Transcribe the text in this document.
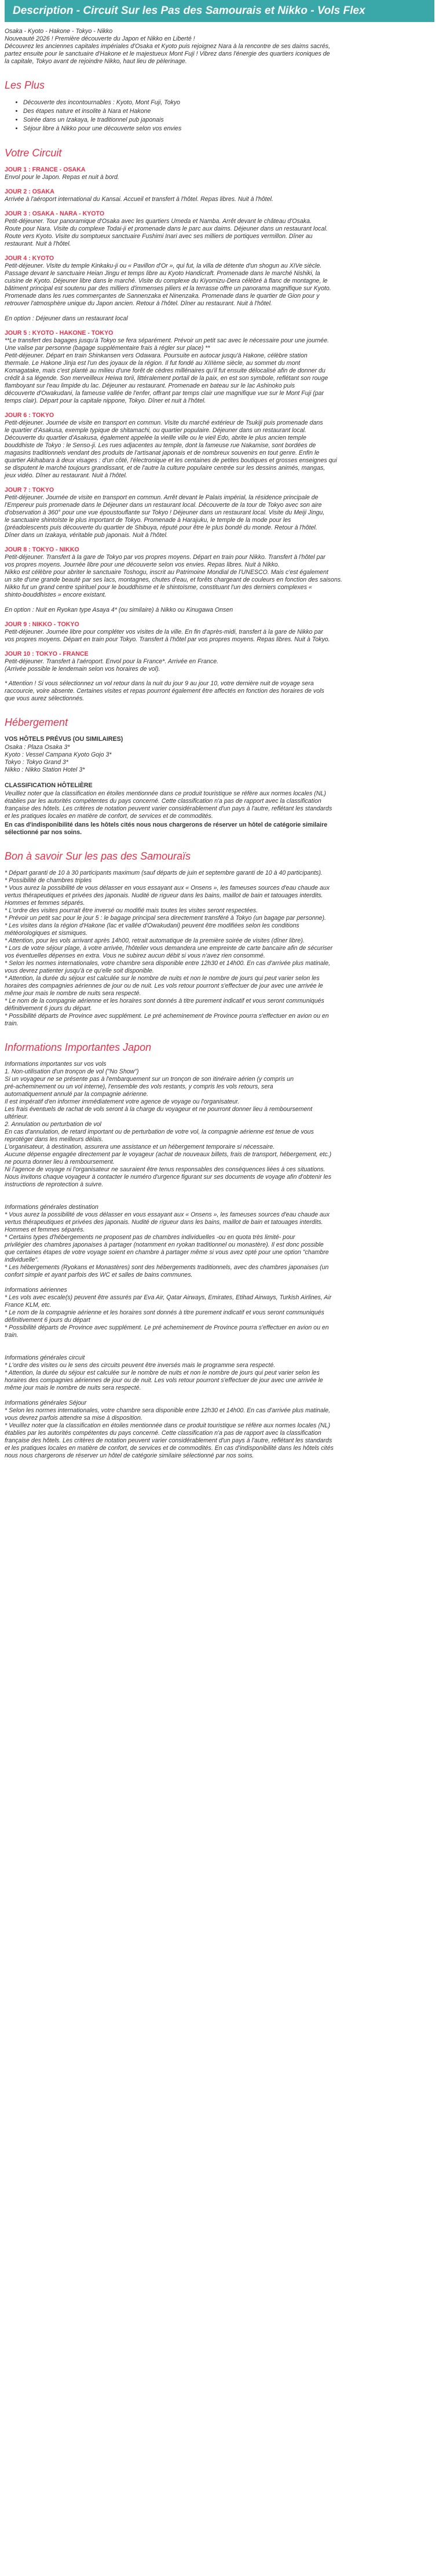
Description - Circuit Sur les Pas des Samourais et Nikko - Vols Flex
Osaka - Kyoto - Hakone - Tokyo - Nikko
Nouveauté 2026 ! Première découverte du Japon et Nikko en Liberté !
Découvrez les anciennes capitales impériales d'Osaka et Kyoto puis rejoignez Nara à la rencontre de ses daims sacrés,
partez ensuite pour le sanctuaire d'Hakone et le majestueux Mont Fuji ! Vibrez dans l'énergie des quartiers iconiques de
la capitale, Tokyo avant de rejoindre Nikko, haut lieu de pèlerinage.
Les Plus
• Découverte des incontournables : Kyoto, Mont Fuji, Tokyo
• Des étapes nature et insolite à Nara et Hakone
• Soirée dans un Izakaya, le traditionnel pub japonais
• Séjour libre à Nikko pour une découverte selon vos envies
Votre Circuit
JOUR 1 : FRANCE - OSAKA
Envol pour le Japon. Repas et nuit à bord.
JOUR 2 : OSAKA
Arrivée à l'aéroport international du Kansai. Accueil et transfert à l'hôtel. Repas libres. Nuit à l'hôtel.
JOUR 3 : OSAKA - NARA - KYOTO
Petit-déjeuner. Tour panoramique d'Osaka avec les quartiers Umeda et Namba. Arrêt devant le château d'Osaka.
Route pour Nara. Visite du complexe Todai-ji et promenade dans le parc aux daims. Déjeuner dans un restaurant local.
Route vers Kyoto. Visite du somptueux sanctuaire Fushimi Inari avec ses milliers de portiques vermillon. Dîner au
restaurant. Nuit à l'hôtel.
JOUR 4 : KYOTO
Petit-déjeuner. Visite du temple Kinkaku-ji ou « Pavillon d'Or », qui fut, la villa de détente d'un shogun au XIVe siècle.
Passage devant le sanctuaire Heian Jingu et temps libre au Kyoto Handicraft. Promenade dans le marché Nishiki, la
cuisine de Kyoto. Déjeuner libre dans le marché. Visite du complexe du Kiyomizu-Dera célébré à flanc de montagne, le
bâtiment principal est soutenu par des milliers d'immenses piliers et la terrasse offre un panorama magnifique sur Kyoto.
Promenade dans les rues commerçantes de Sannenzaka et Ninenzaka. Promenade dans le quartier de Gion pour y
retrouver l'atmosphère unique du Japon ancien. Retour à l'hôtel. Dîner au restaurant. Nuit à l'hôtel.

En option : Déjeuner dans un restaurant local
JOUR 5 : KYOTO - HAKONE - TOKYO
**Le transfert des bagages jusqu'à Tokyo se fera séparément. Prévoir un petit sac avec le nécessaire pour une journée.
Une valise par personne (bagage supplémentaire frais à régler sur place) **
Petit-déjeuner. Départ en train Shinkansen vers Odawara. Poursuite en autocar jusqu'à Hakone, célèbre station
thermale. Le Hakone Jinja est l'un des joyaux de la région. Il fut fondé au XIIIème siècle, au sommet du mont
Komagatake, mais c'est planté au milieu d'une forêt de cèdres millénaires qu'il fut ensuite délocalisé afin de donner du
crédit à sa légende. Son merveilleux Heiwa torii, littéralement portail de la paix, en est son symbole, reflétant son rouge
flamboyant sur l'eau limpide du lac. Déjeuner au restaurant. Promenade en bateau sur le lac Ashinoko puis
découverte d'Owakudani, la fameuse vallée de l'enfer, offrant par temps clair une magnifique vue sur le Mont Fuji (par
temps clair). Départ pour la capitale nippone, Tokyo. Dîner et nuit à l'hôtel.
JOUR 6 : TOKYO
Petit-déjeuner. Journée de visite en transport en commun. Visite du marché extérieur de Tsukiji puis promenade dans
le quartier d'Asakusa, exemple typique de shitamachi, ou quartier populaire. Déjeuner dans un restaurant local.
Découverte du quartier d'Asakusa, également appelée la vieille ville ou le vieil Edo, abrite le plus ancien temple
bouddhiste de Tokyo : le Senso-ji. Les rues adjacentes au temple, dont la fameuse rue Nakamise, sont bordées de
magasins traditionnels vendant des produits de l'artisanat japonais et de nombreux souvenirs en tout genre. Enfin le
quartier Akihabara à deux visages : d'un côté, l'électronique et les centaines de petites boutiques et grosses enseignes qui
se disputent le marché toujours grandissant, et de l'autre la culture populaire centrée sur les dessins animés, mangas,
jeux vidéo. Dîner au restaurant. Nuit à l'hôtel.
JOUR 7 : TOKYO
Petit-déjeuner. Journée de visite en transport en commun. Arrêt devant le Palais impérial, la résidence principale de
l'Empereur puis promenade dans le Déjeuner dans un restaurant local. Découverte de la tour de Tokyo avec son aire
d'observation à 360° pour une vue époustouflante sur Tokyo ! Déjeuner dans un restaurant local. Visite du Meiji Jingu,
le sanctuaire shintoïste le plus important de Tokyo. Promenade à Harajuku, le temple de la mode pour les
(préadolescents puis découverte du quartier de Shibuya, réputé pour être le plus bondé du monde. Retour à l'hôtel.
Dîner dans un Izakaya, véritable pub japonais. Nuit à l'hôtel.
JOUR 8 : TOKYO - NIKKO
Petit-déjeuner. Transfert à la gare de Tokyo par vos propres moyens. Départ en train pour Nikko. Transfert à l'hôtel par
vos propres moyens. Journée libre pour une découverte selon vos envies. Repas libres. Nuit à Nikko.
Nikko est célèbre pour abriter le sanctuaire Toshogu, inscrit au Patrimoine Mondial de l'UNESCO. Mais c'est également
un site d'une grande beauté par ses lacs, montagnes, chutes d'eau, et forêts chargeant de couleurs en fonction des saisons.
Nikko fut un grand centre spirituel pour le bouddhisme et le shintoïsme, constituant l'un des derniers complexes «
shinto-bouddhistes » encore existant.

En option : Nuit en Ryokan type Asaya 4* (ou similaire) à Nikko ou Kinugawa Onsen
JOUR 9 : NIKKO - TOKYO
Petit-déjeuner. Journée libre pour compléter vos visites de la ville. En fin d'après-midi, transfert à la gare de Nikko par
vos propres moyens. Départ en train pour Tokyo. Transfert à l'hôtel par vos propres moyens. Repas libres. Nuit à Tokyo.
JOUR 10 : TOKYO - FRANCE
Petit-déjeuner. Transfert à l'aéroport. Envol pour la France*. Arrivée en France.
(Arrivée possible le lendemain selon vos horaires de vol).
* Attention ! Si vous sélectionnez un vol retour dans la nuit du jour 9 au jour 10, votre dernière nuit de voyage sera
raccourcie, voire absente. Certaines visites et repas pourront également être affectés en fonction des horaires de vols
que vous aurez sélectionnés.
Hébergement
VOS HÔTELS PRÉVUS (OU SIMILAIRES)
Osaka : Plaza Osaka 3*
Kyoto : Vessel Campana Kyoto Gojo 3*
Tokyo : Tokyo Grand 3*
Nikko : Nikko Station Hotel 3*
CLASSIFICATION HÔTELIÈRE
Veuillez noter que la classification en étoiles mentionnée dans ce produit touristique se réfère aux normes locales (NL)
établies par les autorités compétentes du pays concerné. Cette classification n'a pas de rapport avec la classification
française des hôtels. Les critères de notation peuvent varier considérablement d'un pays à l'autre, reflétant les standards
et les pratiques locales en matière de confort, de services et de commodités.
En cas d'indisponibilité dans les hôtels cités nous nous chargerons de réserver un hôtel de catégorie similaire
sélectionné par nos soins.
Bon à savoir Sur les pas des Samouraïs
* Départ garanti de 10 à 30 participants maximum (sauf départs de juin et septembre garanti de 10 à 40 participants).
* Possibilité de chambres triples
* Vous aurez la possibilité de vous délasser en vous essayant aux « Onsens », les fameuses sources d'eau chaude aux
vertus thérapeutiques et privées des japonais. Nudité de rigueur dans les bains, maillot de bain et tatouages interdits.
Hommes et femmes séparés.
* L'ordre des visites pourrait être inversé ou modifié mais toutes les visites seront respectées.
* Prévoir un petit sac pour le jour 5 : le bagage principal sera directement transféré à Tokyo (un bagage par personne).
* Les visites dans la région d'Hakone (lac et vallée d'Owakudani) peuvent être modifiées selon les conditions
météorologiques et sismiques.
* Attention, pour les vols arrivant après 14h00, retrait automatique de la première soirée de visites (dîner libre).
* Lors de votre séjour plage, à votre arrivée, l'hôtelier vous demandera une empreinte de carte bancaire afin de sécuriser
vos éventuelles dépenses en extra. Vous ne subirez aucun débit si vous n'avez rien consommé.
* Selon les normes internationales, votre chambre sera disponible entre 12h30 et 14h00. En cas d'arrivée plus matinale,
vous devrez patienter jusqu'à ce qu'elle soit disponible.
* Attention, la durée du séjour est calculée sur le nombre de nuits et non le nombre de jours qui peut varier selon les
horaires des compagnies aériennes de jour ou de nuit. Les vols retour pourront s'effectuer de jour avec une arrivée le
même jour mais le nombre de nuits sera respecté.
* Le nom de la compagnie aérienne et les horaires sont donnés à titre purement indicatif et vous seront communiqués
définitivement 6 jours du départ.
* Possibilité départs de Province avec supplément. Le pré acheminement de Province pourra s'effectuer en avion ou en
train.
Informations Importantes Japon
Informations importantes sur vos vols
1. Non-utilisation d'un tronçon de vol ("No Show")
Si un voyageur ne se présente pas à l'embarquement sur un tronçon de son itinéraire aérien (y compris un
pré-acheminement ou un vol interne), l'ensemble des vols restants, y compris les vols retours, sera
automatiquement annulé par la compagnie aérienne.
Il est impératif d'en informer immédiatement votre agence de voyage ou l'organisateur.
Les frais éventuels de rachat de vols seront à la charge du voyageur et ne pourront donner lieu à remboursement
ultérieur.
2. Annulation ou perturbation de vol
En cas d'annulation, de retard important ou de perturbation de votre vol, la compagnie aérienne est tenue de vous
reprotéger dans les meilleurs délais.
L'organisateur, à destination, assurera une assistance et un hébergement temporaire si nécessaire.
Aucune dépense engagée directement par le voyageur (achat de nouveaux billets, frais de transport, hébergement, etc.)
ne pourra donner lieu à remboursement.
Ni l'agence de voyage ni l'organisateur ne sauraient être tenus responsables des conséquences liées à ces situations.
Nous invitons chaque voyageur à contacter le numéro d'urgence figurant sur ses documents de voyage afin d'obtenir les
instructions de reprotection à suivre.

Informations générales destination
* Vous aurez la possibilité de vous délasser en vous essayant aux « Onsens », les fameuses sources d'eau chaude aux
vertus thérapeutiques et privées des japonais. Nudité de rigueur dans les bains, maillot de bain et tatouages interdits.
Hommes et femmes séparés.
* Certains types d'hébergements ne proposent pas de chambres individuelles -ou en quota très limité- pour
privilégier des chambres japonaises à partager (notamment en ryokan traditionnel ou monastère). Il est donc possible
que certaines étapes de votre voyage soient en chambre à partager même si vous avez opté pour une option "chambre
individuelle".
* Les hébergements (Ryokans et Monastères) sont des hébergements traditionnels, avec des chambres japonaises (un
confort simple et ayant parfois des WC et salles de bains communes.

Informations aériennes
* Les vols avec escale(s) peuvent être assurés par Eva Air, Qatar Airways, Emirates, Etihad Airways, Turkish Airlines, Air
France KLM, etc.
* Le nom de la compagnie aérienne et les horaires sont donnés à titre purement indicatif et vous seront communiqués
définitivement 6 jours du départ
* Possibilité départs de Province avec supplément. Le pré acheminement de Province pourra s'effectuer en avion ou en
train.

Informations générales circuit
* L'ordre des visites ou le sens des circuits peuvent être inversés mais le programme sera respecté.
* Attention, la durée du séjour est calculée sur le nombre de nuits et non le nombre de jours qui peut varier selon les
horaires des compagnies aériennes de jour ou de nuit. Les vols retour pourront s'effectuer de jour avec une arrivée le
même jour mais le nombre de nuits sera respecté.

Informations générales Séjour
* Selon les normes internationales, votre chambre sera disponible entre 12h30 et 14h00. En cas d'arrivée plus matinale,
vous devrez parfois attendre sa mise à disposition.
* Veuillez noter que la classification en étoiles mentionnée dans ce produit touristique se réfère aux normes locales (NL)
établies par les autorités compétentes du pays concerné. Cette classification n'a pas de rapport avec la classification
française des hôtels. Les critères de notation peuvent varier considérablement d'un pays à l'autre, reflétant les standards
et les pratiques locales en matière de confort, de services et de commodités. En cas d'indisponibilité dans les hôtels cités
nous nous chargerons de réserver un hôtel de catégorie similaire sélectionné par nos soins.
